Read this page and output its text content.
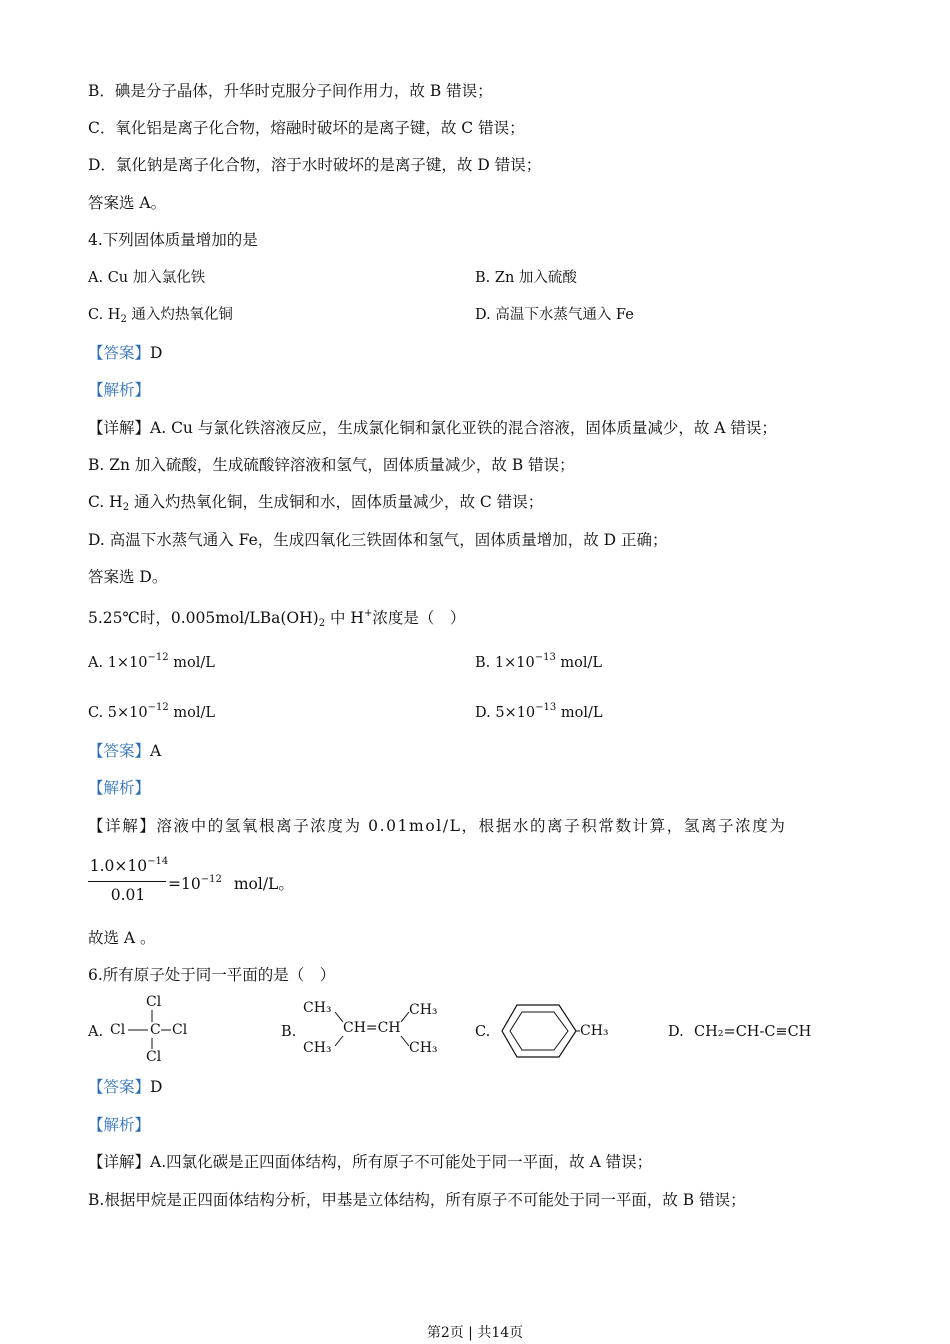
B．碘是分子晶体，升华时克服分子间作用力，故 B 错误；
C．氧化铝是离子化合物，熔融时破坏的是离子键，故 C 错误；
D．氯化钠是离子化合物，溶于水时破坏的是离子键，故 D 错误；
答案选 A。
4.下列固体质量增加的是
A. Cu 加入氯化铁	B. Zn 加入硫酸
C. $H_2$ 通入灼热氧化铜	D. 高温下水蒸气通入 Fe
【答案】D
【解析】
【详解】A. Cu 与氯化铁溶液反应，生成氯化铜和氯化亚铁的混合溶液，固体质量减少，故 A 错误；
B. Zn 加入硫酸，生成硫酸锌溶液和氢气，固体质量减少，故 B 错误；
C. $H_2$ 通入灼热氧化铜，生成铜和水，固体质量减少，故 C 错误；
D. 高温下水蒸气通入 Fe，生成四氧化三铁固体和氢气，固体质量增加，故 D 正确；
答案选 D。
5.25℃时，$0.005mol/LBa(OH)_2$ 中 H+浓度是（　）
A. $1\times 10^{-12}$ mol/L	B. $1\times 10^{-13}$ mol/L
C. $5\times 10^{-12}$ mol/L	D. $5\times 10^{-13}$ mol/L
【答案】A
【解析】
【详解】溶液中的氢氧根离子浓度为 0.01mol/L，根据水的离子积常数计算，氢离子浓度为
$1.0\times 10^{-14}$
0.01
$=10^{-12}$ mol/L。
故选 A 。
6.所有原子处于同一平面的是（　）
A.
Cl
Cl C Cl
Cl
B.
CH₃
CH₃
CH=CH
CH₃
CH₃
C.	CH₃	D. CH₂=CH-C≡CH
【答案】D
【解析】
【详解】A.四氯化碳是正四面体结构，所有原子不可能处于同一平面，故 A 错误；
B.根据甲烷是正四面体结构分析，甲基是立体结构，所有原子不可能处于同一平面，故 B 错误；
第2页 | 共14页
